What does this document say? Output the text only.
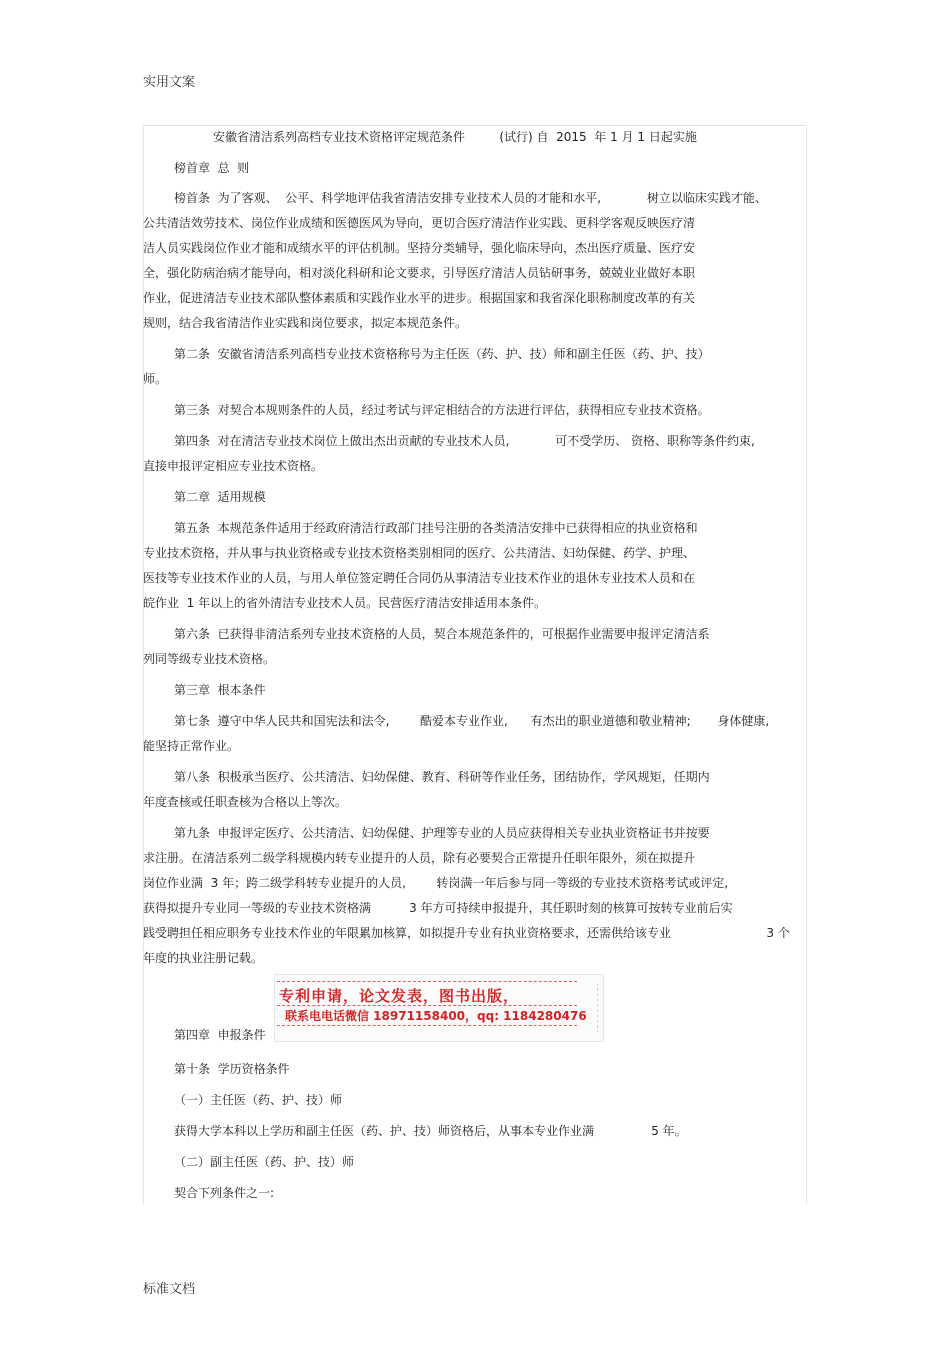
实用文案
安徽省清洁系列高档专业技术资格评定规范条件         (试行) 自  2015  年 1 月 1 日起实施
榜首章  总  则
榜首条  为了客观、  公平、科学地评估我省清洁安排专业技术人员的才能和水平,            树立以临床实践才能、
公共清洁效劳技术、岗位作业成绩和医德医风为导向，更切合医疗清洁作业实践、更科学客观反映医疗清
洁人员实践岗位作业才能和成绩水平的评估机制。坚持分类辅导，强化临床导向，杰出医疗质量、医疗安
全，强化防病治病才能导向，相对淡化科研和论文要求，引导医疗清洁人员钻研事务，兢兢业业做好本职
作业，促进清洁专业技术部队整体素质和实践作业水平的进步。根据国家和我省深化职称制度改革的有关
规则，结合我省清洁作业实践和岗位要求，拟定本规范条件。
第二条  安徽省清洁系列高档专业技术资格称号为主任医（药、护、技）师和副主任医（药、护、技）
师。
第三条  对契合本规则条件的人员，经过考试与评定相结合的方法进行评估，获得相应专业技术资格。
第四条  对在清洁专业技术岗位上做出杰出贡献的专业技术人员,            可不受学历、 资格、职称等条件约束,
直接申报评定相应专业技术资格。
第二章  适用规模
第五条  本规范条件适用于经政府清洁行政部门挂号注册的各类清洁安排中已获得相应的执业资格和
专业技术资格，并从事与执业资格或专业技术资格类别相同的医疗、公共清洁、妇幼保健、药学、护理、
医技等专业技术作业的人员，与用人单位签定聘任合同仍从事清洁专业技术作业的退休专业技术人员和在
皖作业  1 年以上的省外清洁专业技术人员。民营医疗清洁安排适用本条件。
第六条  已获得非清洁系列专业技术资格的人员，契合本规范条件的，可根据作业需要申报评定清洁系
列同等级专业技术资格。
第三章  根本条件
第七条  遵守中华人民共和国宪法和法令,        酷爱本专业作业,      有杰出的职业道德和敬业精神;       身体健康,
能坚持正常作业。
第八条  积极承当医疗、公共清洁、妇幼保健、教育、科研等作业任务，团结协作，学风规矩，任期内
年度查核或任职查核为合格以上等次。
第九条  申报评定医疗、公共清洁、妇幼保健、护理等专业的人员应获得相关专业执业资格证书并按要
求注册。在清洁系列二级学科规模内转专业提升的人员，除有必要契合正常提升任职年限外，须在拟提升
岗位作业满  3 年；跨二级学科转专业提升的人员,        转岗满一年后参与同一等级的专业技术资格考试或评定,
获得拟提升专业同一等级的专业技术资格满          3 年方可持续申报提升，其任职时刻的核算可按转专业前后实
践受聘担任相应职务专业技术作业的年限累加核算，如拟提升专业有执业资格要求，还需供给该专业                         3 个
年度的执业注册记载。
专利申请，论文发表，图书出版，
联系电电话微信 18971158400，qq: 1184280476
第四章  申报条件
第十条  学历资格条件
（一）主任医（药、护、技）师
获得大学本科以上学历和副主任医（药、护、技）师资格后，从事本专业作业满               5 年。
（二）副主任医（药、护、技）师
契合下列条件之一:
标准文档
